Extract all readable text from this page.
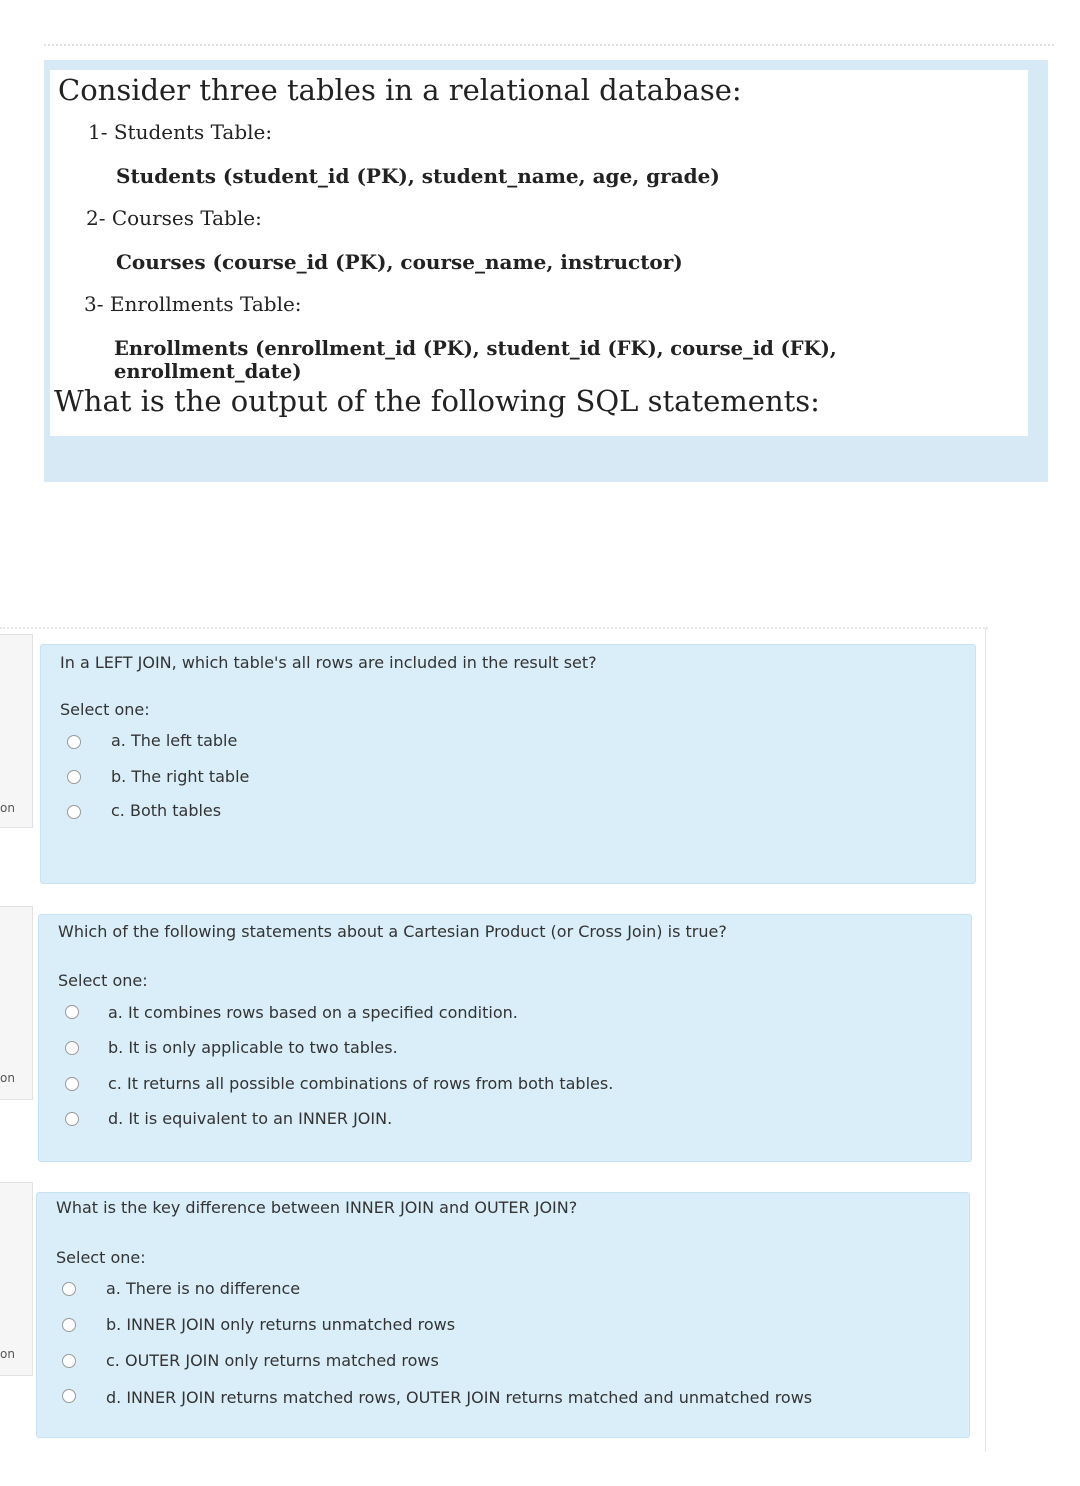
Consider three tables in a relational database:
1- Students Table:
Students (student_id (PK), student_name, age, grade)
2- Courses Table:
Courses (course_id (PK), course_name, instructor)
3- Enrollments Table:
Enrollments (enrollment_id (PK), student_id (FK), course_id (FK), enrollment_date)
What is the output of the following SQL statements:
on
on
on
In a LEFT JOIN, which table's all rows are included in the result set?
Select one:
a. The left table
b. The right table
c. Both tables
Which of the following statements about a Cartesian Product (or Cross Join) is true?
Select one:
a. It combines rows based on a specified condition.
b. It is only applicable to two tables.
c. It returns all possible combinations of rows from both tables.
d. It is equivalent to an INNER JOIN.
What is the key difference between INNER JOIN and OUTER JOIN?
Select one:
a. There is no difference
b. INNER JOIN only returns unmatched rows
c. OUTER JOIN only returns matched rows
d. INNER JOIN returns matched rows, OUTER JOIN returns matched and unmatched rows
